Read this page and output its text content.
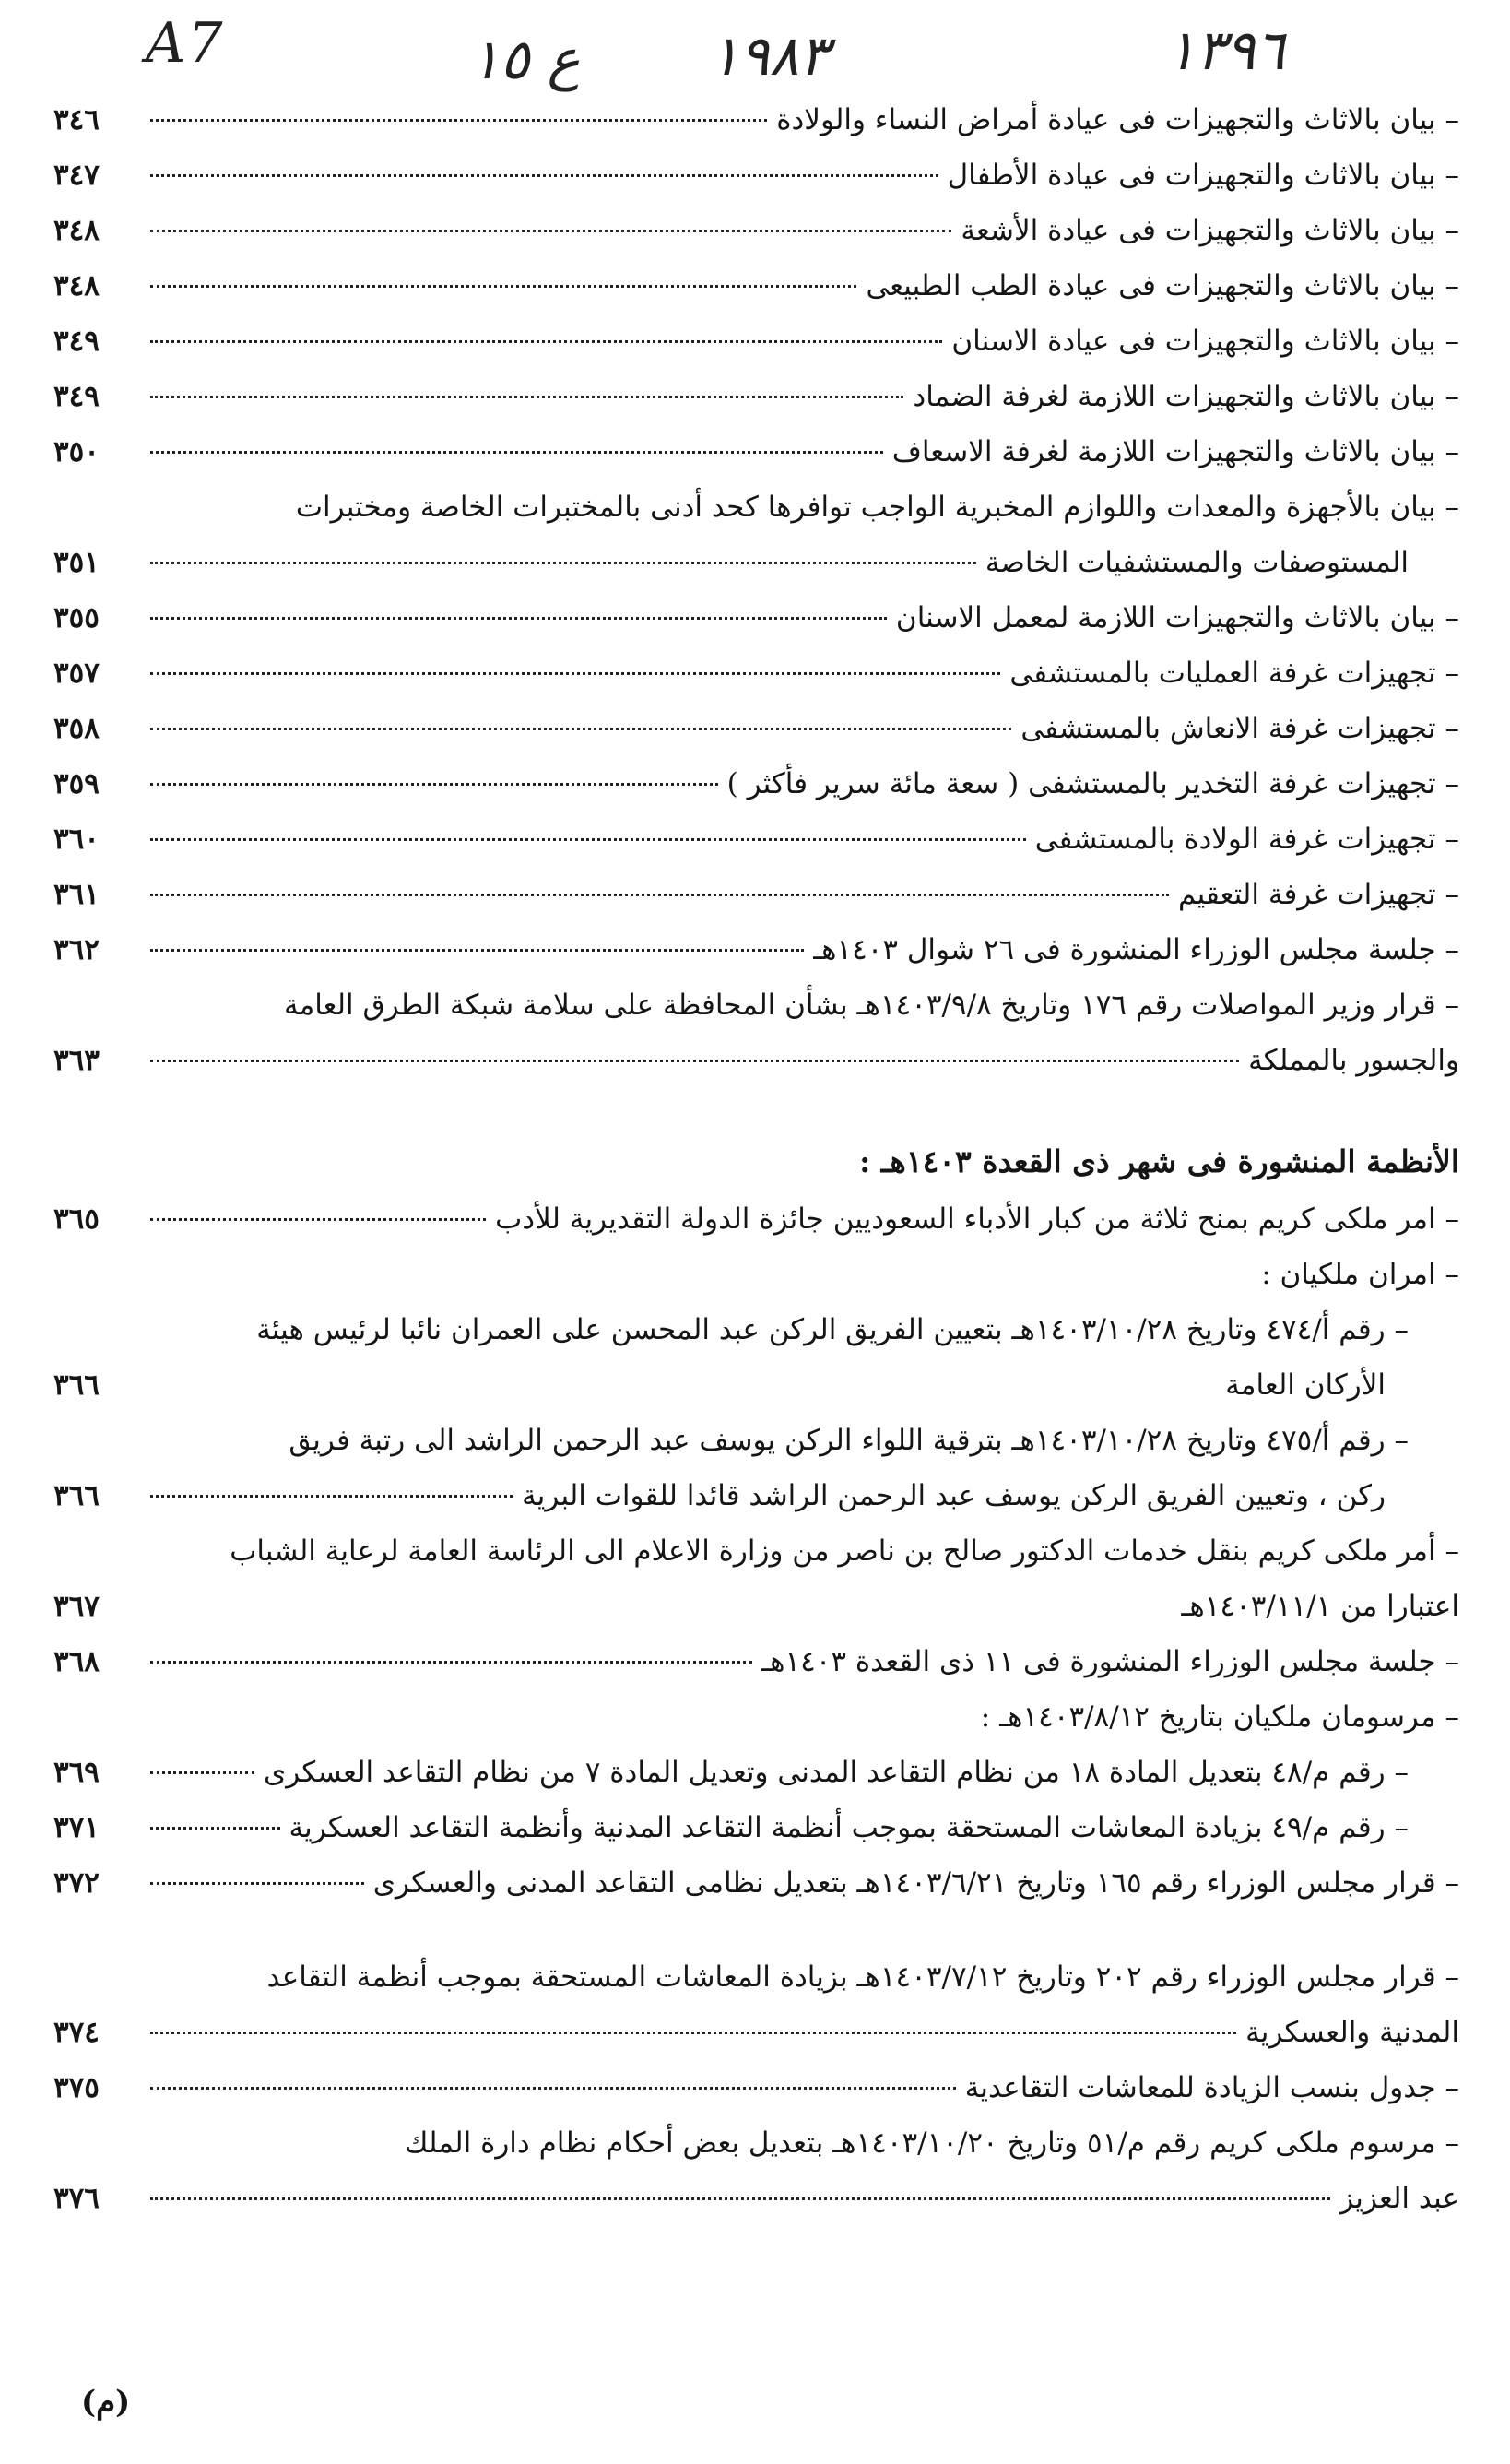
A7	ع ١٥ ١٩٨٣	١٣٩٦
– بيان بالاثاث والتجهيزات فى عيادة أمراض النساء والولادة
٣٤٦
– بيان بالاثاث والتجهيزات فى عيادة الأطفال
٣٤٧
– بيان بالاثاث والتجهيزات فى عيادة الأشعة
٣٤٨
– بيان بالاثاث والتجهيزات فى عيادة الطب الطبيعى
٣٤٨
– بيان بالاثاث والتجهيزات فى عيادة الاسنان
٣٤٩
– بيان بالاثاث والتجهيزات اللازمة لغرفة الضماد
٣٤٩
– بيان بالاثاث والتجهيزات اللازمة لغرفة الاسعاف
٣٥٠
– بيان بالأجهزة والمعدات واللوازم المخبرية الواجب توافرها كحد أدنى بالمختبرات الخاصة ومختبرات
المستوصفات والمستشفيات الخاصة
٣٥١
– بيان بالاثاث والتجهيزات اللازمة لمعمل الاسنان
٣٥٥
– تجهيزات غرفة العمليات بالمستشفى
٣٥٧
– تجهيزات غرفة الانعاش بالمستشفى
٣٥٨
– تجهيزات غرفة التخدير بالمستشفى ( سعة مائة سرير فأكثر )
٣٥٩
– تجهيزات غرفة الولادة بالمستشفى
٣٦٠
– تجهيزات غرفة التعقيم
٣٦١
– جلسة مجلس الوزراء المنشورة فى ٢٦ شوال ١٤٠٣هـ
٣٦٢
– قرار وزير المواصلات رقم ١٧٦ وتاريخ ١٤٠٣/٩/٨هـ بشأن المحافظة على سلامة شبكة الطرق العامة
والجسور بالمملكة
٣٦٣
الأنظمة المنشورة فى شهر ذى القعدة ١٤٠٣هـ :
– امر ملكى كريم بمنح ثلاثة من كبار الأدباء السعوديين جائزة الدولة التقديرية للأدب
٣٦٥
– امران ملكيان :
– رقم أ/٤٧٤ وتاريخ ١٤٠٣/١٠/٢٨هـ بتعيين الفريق الركن عبد المحسن على العمران نائبا لرئيس هيئة
الأركان العامة
٣٦٦
– رقم أ/٤٧٥ وتاريخ ١٤٠٣/١٠/٢٨هـ بترقية اللواء الركن يوسف عبد الرحمن الراشد الى رتبة فريق
ركن ، وتعيين الفريق الركن يوسف عبد الرحمن الراشد قائدا للقوات البرية
٣٦٦
– أمر ملكى كريم بنقل خدمات الدكتور صالح بن ناصر من وزارة الاعلام الى الرئاسة العامة لرعاية الشباب
اعتبارا من ١٤٠٣/١١/١هـ
٣٦٧
– جلسة مجلس الوزراء المنشورة فى ١١ ذى القعدة ١٤٠٣هـ
٣٦٨
– مرسومان ملكيان بتاريخ ١٤٠٣/٨/١٢هـ :
– رقم م/٤٨ بتعديل المادة ١٨ من نظام التقاعد المدنى وتعديل المادة ٧ من نظام التقاعد العسكرى
٣٦٩
– رقم م/٤٩ بزيادة المعاشات المستحقة بموجب أنظمة التقاعد المدنية وأنظمة التقاعد العسكرية
٣٧١
– قرار مجلس الوزراء رقم ١٦٥ وتاريخ ١٤٠٣/٦/٢١هـ بتعديل نظامى التقاعد المدنى والعسكرى
٣٧٢
– قرار مجلس الوزراء رقم ٢٠٢ وتاريخ ١٤٠٣/٧/١٢هـ بزيادة المعاشات المستحقة بموجب أنظمة التقاعد
المدنية والعسكرية
٣٧٤
– جدول بنسب الزيادة للمعاشات التقاعدية
٣٧٥
– مرسوم ملكى كريم رقم م/٥١ وتاريخ ١٤٠٣/١٠/٢٠هـ بتعديل بعض أحكام نظام دارة الملك
عبد العزيز
٣٧٦
(م)
